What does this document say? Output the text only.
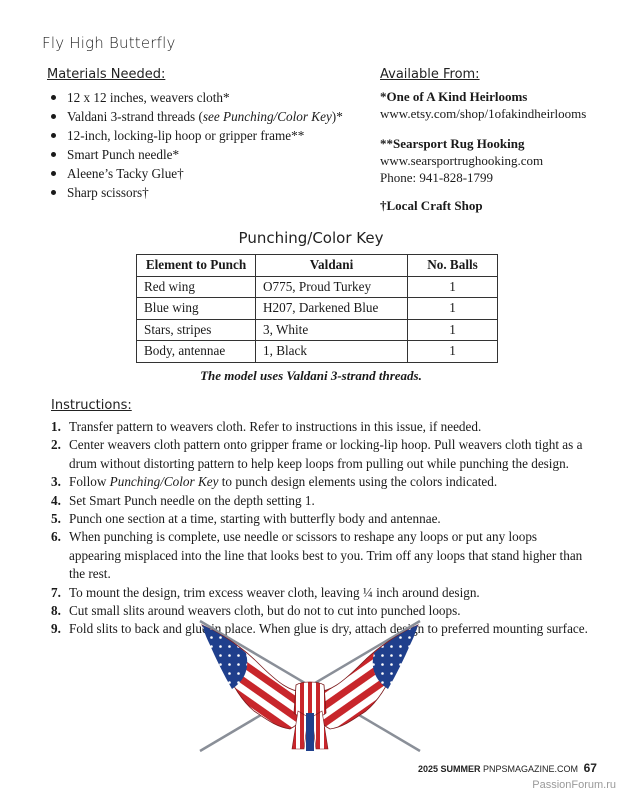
Fly High Butterfly
Materials Needed:
12 x 12 inches, weavers cloth*
Valdani 3-strand threads (see Punching/Color Key)*
12-inch, locking-lip hoop or gripper frame**
Smart Punch needle*
Aleene’s Tacky Glue†
Sharp scissors†
Available From:
*One of A Kind Heirlooms
www.etsy.com/shop/1ofakindheirlooms
**Searsport Rug Hooking
www.searsportrughooking.com
Phone: 941-828-1799
†Local Craft Shop
Punching/Color Key
Element to Punch	Valdani	No. Balls
Red wing	O775, Proud Turkey	1
Blue wing	H207, Darkened Blue	1
Stars, stripes	3, White	1
Body, antennae	1, Black	1
The model uses Valdani 3-strand threads.
Instructions:
1. Transfer pattern to weavers cloth. Refer to instructions in this issue, if needed.
2. Center weavers cloth pattern onto gripper frame or locking-lip hoop. Pull weavers cloth tight as a drum without distorting pattern to help keep loops from pulling out while punching the design.
3. Follow Punching/Color Key to punch design elements using the colors indicated.
4. Set Smart Punch needle on the depth setting 1.
5. Punch one section at a time, starting with butterfly body and antennae.
6. When punching is complete, use needle or scissors to reshape any loops or put any loops appearing misplaced into the line that looks best to you. Trim off any loops that stand higher than the rest.
7. To mount the design, trim excess weaver cloth, leaving ¼ inch around design.
8. Cut small slits around weavers cloth, but do not to cut into punched loops.
9. Fold slits to back and glue in place. When glue is dry, attach design to preferred mounting surface.
2025 SUMMER PNPSMAGAZINE.COM 67
PassionForum.ru
